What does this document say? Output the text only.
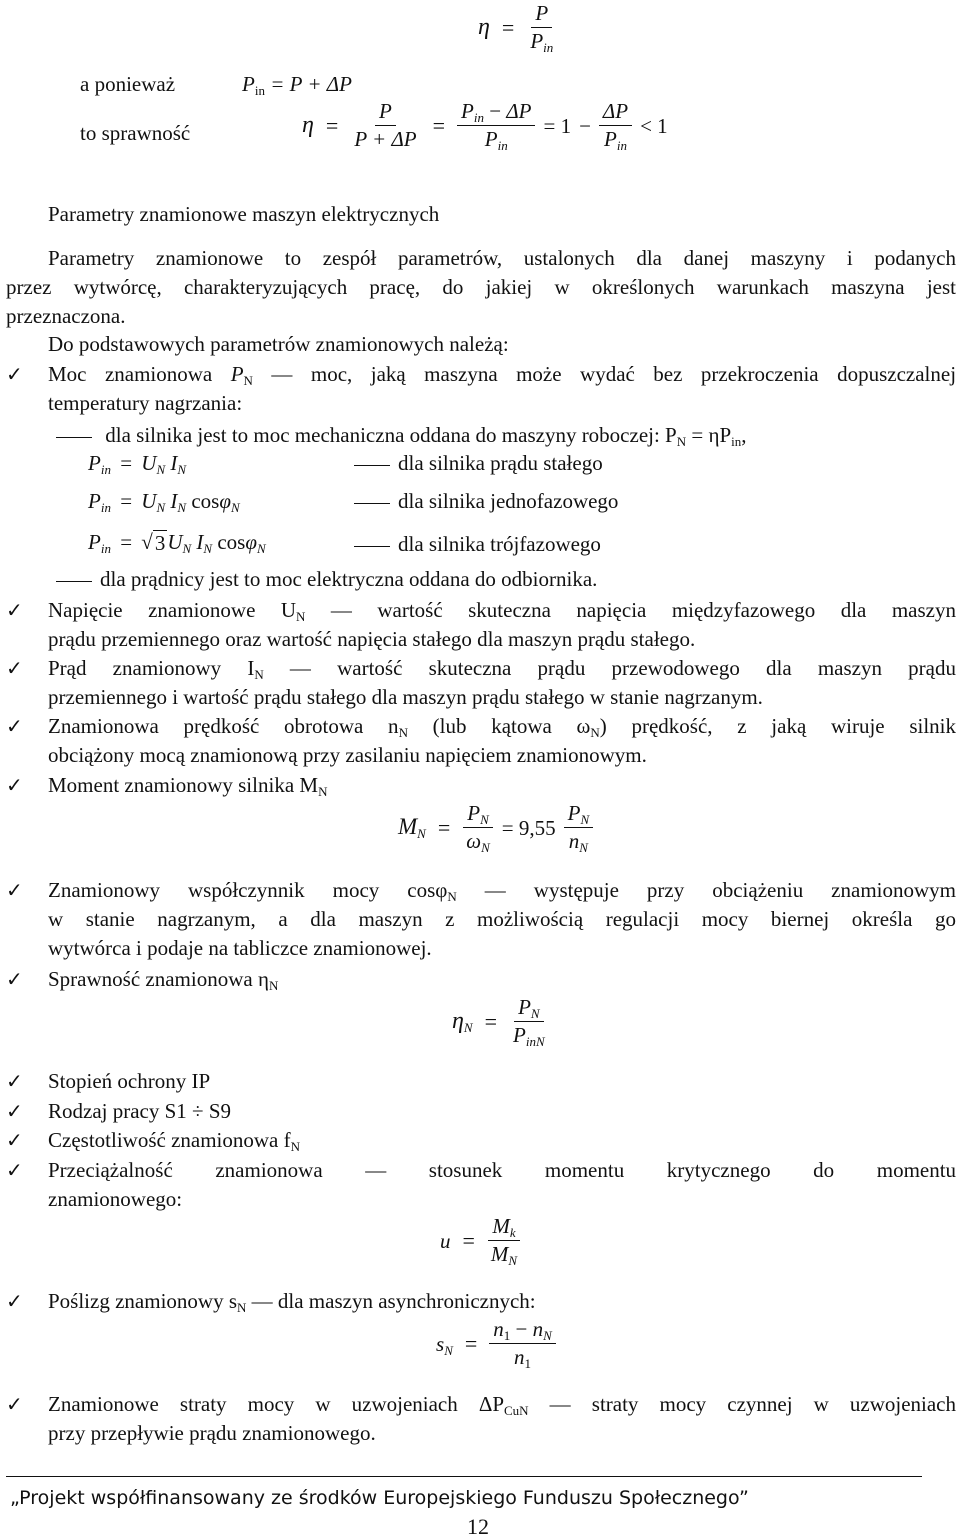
$\eta = \frac{P}{P_{in}}$
a ponieważ	$P_{in} = P + \Delta P$
to sprawność	$\eta = \frac{P}{P + \Delta P} = \frac{P_{in} - \Delta P}{P_{in}} = 1 - \frac{\Delta P}{P_{in}} < 1$
Parametry znamionowe maszyn elektrycznych
Parametry znamionowe to zespół parametrów, ustalonych dla danej maszyny i podanych
przez wytwórcę, charakteryzujących pracę, do jakiej w określonych warunkach maszyna jest
przeznaczona.
Do podstawowych parametrów znamionowych należą:
✓ Moc znamionowa $P_N$ — moc, jaką maszyna może wydać bez przekroczenia dopuszczalnej
temperatury nagrzania:
dla silnika jest to moc mechaniczna oddana do maszyny roboczej: $P_N = \eta P_{in}$,
$P_{in} = U_N$ $I_N$	dla silnika prądu stałego
$P_{in} = U_N$ $I_N$ cosφ$_N$	dla silnika jednofazowego
$P_{in}$ = √ 3 $U_N$ $I_N$ cosφ$_N$	dla silnika trójfazowego
dla prądnicy jest to moc elektryczna oddana do odbiornika.
✓ Napięcie znamionowe $U_N$ — wartość skuteczna napięcia międzyfazowego dla maszyn
prądu przemiennego oraz wartość napięcia stałego dla maszyn prądu stałego.
✓ Prąd znamionowy $I_N$ — wartość skuteczna prądu przewodowego dla maszyn prądu
przemiennego i wartość prądu stałego dla maszyn prądu stałego w stanie nagrzanym.
✓ Znamionowa prędkość obrotowa $n_N$ (lub kątowa $\omega_N$) prędkość, z jaką wiruje silnik
obciążony mocą znamionową przy zasilaniu napięciem znamionowym.
✓ Moment znamionowy silnika $M_N$
$M_N = \frac{P_N}{\omega_N} = 9,55 \frac{P_N}{n_N}$
✓ Znamionowy współczynnik mocy cosφ$_N$ — występuje przy obciążeniu znamionowym
w stanie nagrzanym, a dla maszyn z możliwością regulacji mocy biernej określa go
wytwórca i podaje na tabliczce znamionowej.
✓ Sprawność znamionowa $\eta_N$
$\eta_N = \frac{P_N}{P_{inN}}$
✓ Stopień ochrony IP
✓ Rodzaj pracy S1 ÷ S9
✓ Częstotliwość znamionowa $f_N$
✓ Przeciążalność znamionowa — stosunek momentu krytycznego do momentu
znamionowego:
$u = \frac{M_k}{M_N}$
✓ Poślizg znamionowy $s_N$ — dla maszyn asynchronicznych:
$s_N = \frac{n_1 - n_N}{n_1}$
✓ Znamionowe straty mocy w uzwojeniach $\Delta P_{CuN}$ — straty mocy czynnej w uzwojeniach
przy przepływie prądu znamionowego.
„Projekt współfinansowany ze środków Europejskiego Funduszu Społecznego”
12
